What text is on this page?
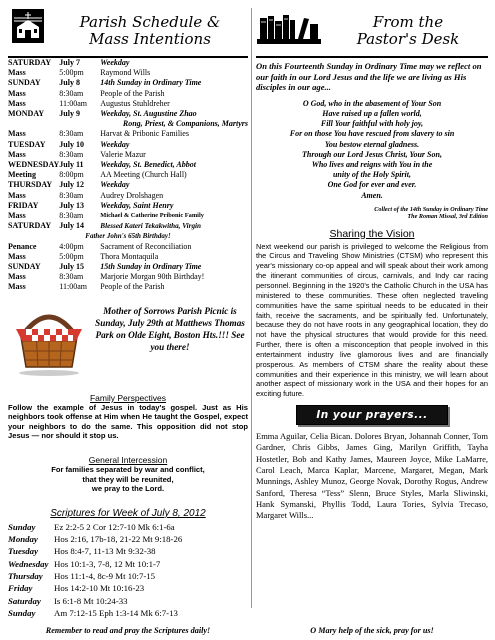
Parish Schedule &
Mass Intentions
SATURDAY	July 7	Weekday
Mass	5:00pm	Raymond Wills
SUNDAY	July 8	14th Sunday in Ordinary Time
Mass	8:30am	People of the Parish
Mass	11:00am	Augustus Stuhldreher
MONDAY	July 9	Weekday, St. Augustine Zhao
Rong, Priest, & Companions, Martyrs		
Mass	8:30am	Harvat & Pribonic Families
TUESDAY	July 10	Weekday
Mass	8:30am	Valerie Mazur
WEDNESDAY	July 11	Weekday, St. Benedict, Abbot
Meeting	8:00pm	AA Meeting (Church Hall)
THURSDAY	July 12	Weekday
Mass	8:30am	Audrey Drolshagen
FRIDAY	July 13	Weekday, Saint Henry
Mass	8:30am	Michael & Catherine Pribonic Family
SATURDAY	July 14	Blessed Kateri Tekakwitha, Virgin
Father John's 65th Birthday!		
Penance	4:00pm	Sacrament of Reconciliation
Mass	5:00pm	Thora Montaquila
SUNDAY	July 15	15th Sunday in Ordinary Time
Mass	8:30am	Marjorie Morgan 90th Birthday!
Mass	11:00am	People of the Parish
Mother of Sorrows Parish Picnic is Sunday, July 29th at Matthews Thomas Park on Olde Eight, Boston Hts.!!! See you there!
Family Perspectives
Follow the example of Jesus in today's gospel. Just as His neighbors took offense at Him when He taught the Gospel, expect your neighbors to do the same. This opposition did not stop Jesus — nor should it stop us.
General Intercession
For families separated by war and conflict,
that they will be reunited,
we pray to the Lord.
Scriptures for Week of July 8, 2012
Sunday	Ez 2:2-5 2 Cor 12:7-10 Mk 6:1-6a
Monday	Hos 2:16, 17b-18, 21-22 Mt 9:18-26
Tuesday	Hos 8:4-7, 11-13 Mt 9:32-38
Wednesday	Hos 10:1-3, 7-8, 12 Mt 10:1-7
Thursday	Hos 11:1-4, 8c-9 Mt 10:7-15
Friday	Hos 14:2-10 Mt 10:16-23
Saturday	Is 6:1-8 Mt 10:24-33
Sunday	Am 7:12-15 Eph 1:3-14 Mk 6:7-13
Remember to read and pray the Scriptures daily!
From the
Pastor's Desk
On this Fourteenth Sunday in Ordinary Time may we reflect on our faith in our Lord Jesus and the life we are living as His disciples in our age...
O God, who in the abasement of Your Son
Have raised up a fallen world,
Fill Your faithful with holy joy,
For on those You have rescued from slavery to sin
You bestow eternal gladness.
Through our Lord Jesus Christ, Your Son,
Who lives and reigns with You in the
unity of the Holy Spirit,
One God for ever and ever.
Amen.
Collect of the 14th Sunday in Ordinary Time
The Roman Missal, 3rd Edition
Sharing the Vision
Next weekend our parish is privileged to welcome the Religious from the Circus and Traveling Show Ministries (CTSM) who represent this year's missionary co-op appeal and will speak about their work among the itinerant communities of circus, carnivals, and Indy car racing personnel. Beginning in the 1920's the Catholic Church in the USA has ministered to these communities. These often neglected traveling communities have the same spiritual needs to be educated in their faith, receive the sacraments, and be spiritually fed. Unfortunately, because they do not have roots in any geographical location, they do not have the physical structures that would provide for this need. Further, there is often a misconception that people involved in this entertainment industry live glamorous lives and are financially prosperous. As members of CTSM share the reality about these communities and their experience in this ministry, we will learn about another aspect of missionary work in the USA and their hopes for an exciting future.
In your prayers...
Emma Aguilar, Celia Bican. Dolores Bryan, Johannah Conner, Tom Gardner, Chris Gibbs, James Ging, Marilyn Griffith, Tayha Hostetler, Bob and Kathy James, Maureen Joyce, Mike LaMarre, Carol Leach, Marca Kaplar, Marcene, Margaret, Megan, Mark Munnings, Ashley Munoz, George Novak, Dorothy Rogus, Andrew Sanford, Theresa “Tess” Slenn, Bruce Styles, Marla Sliwinski, Hank Symanski, Phyllis Todd, Laura Tories, Sylvia Trecaso, Margaret Wills...
O Mary help of the sick, pray for us!
